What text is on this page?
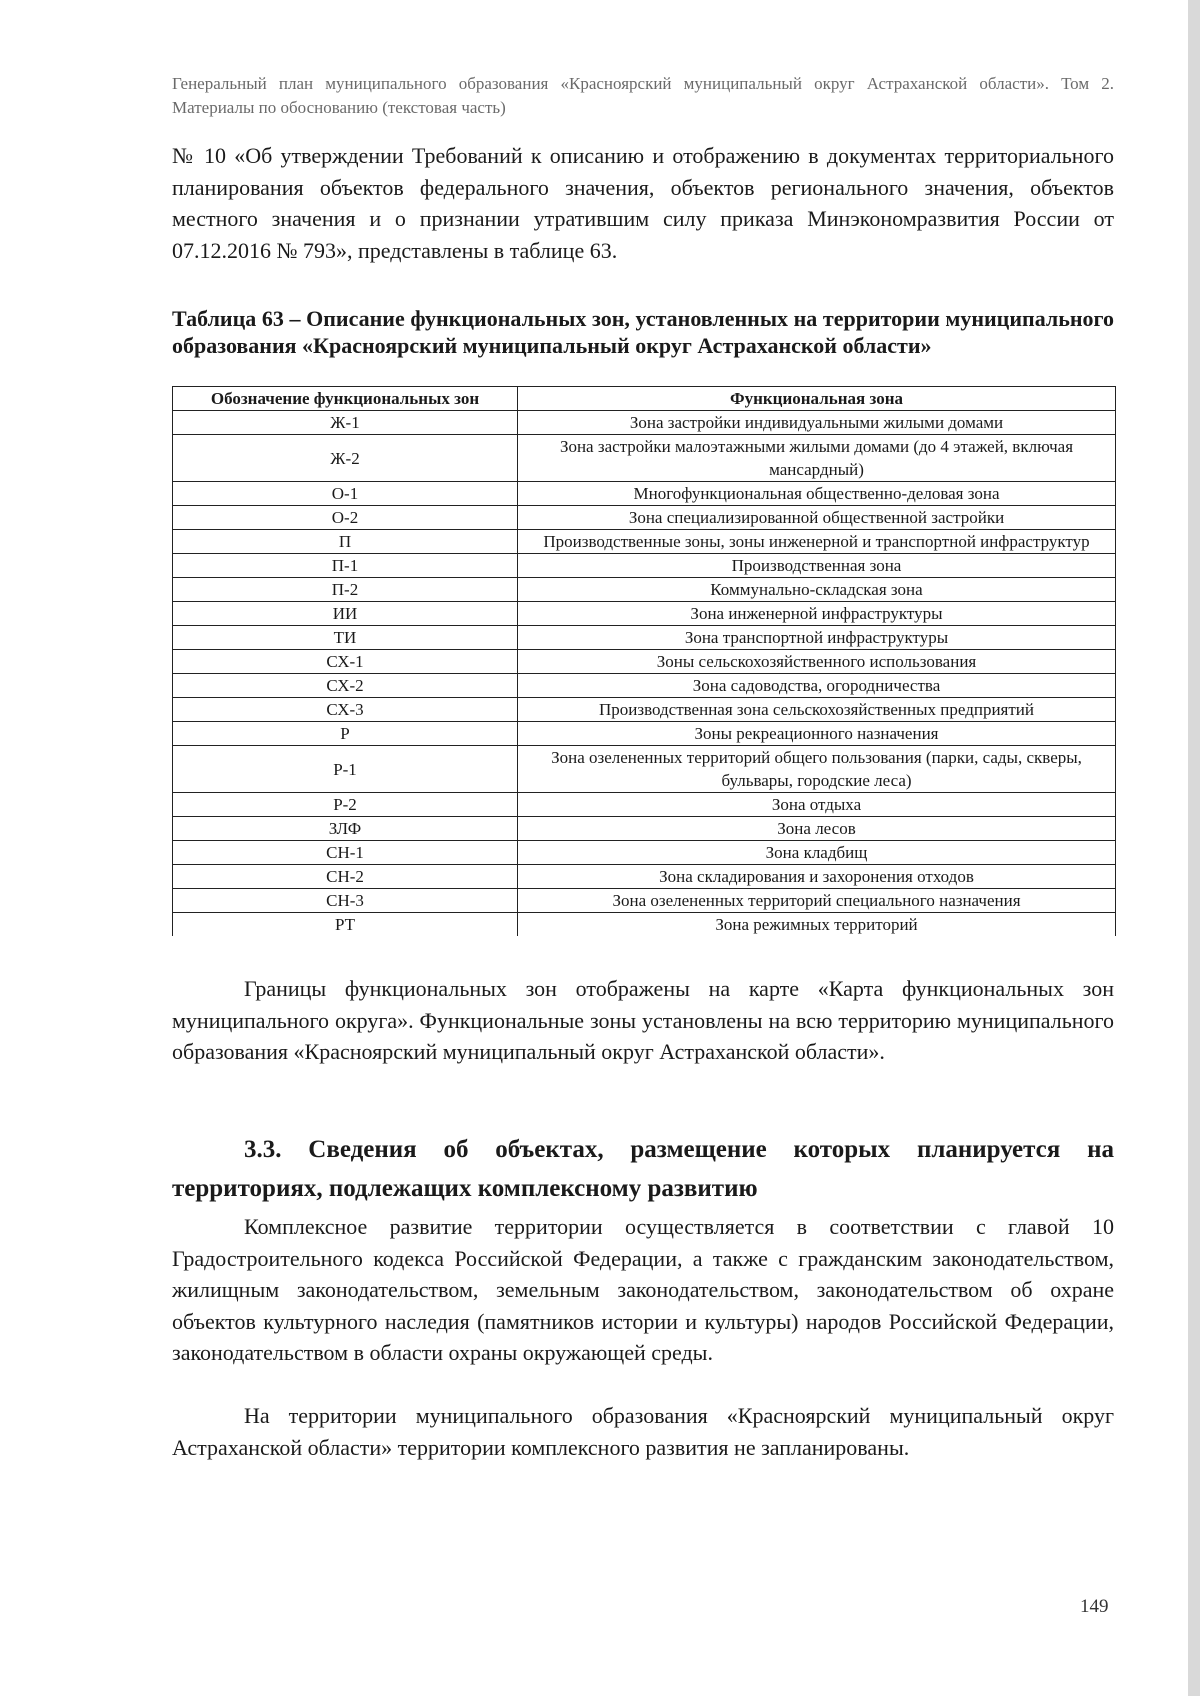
Генеральный план муниципального образования «Красноярский муниципальный округ Астраханской области». Том 2. Материалы по обоснованию (текстовая часть)

№ 10 «Об утверждении Требований к описанию и отображению в документах территориального планирования объектов федерального значения, объектов регионального значения, объектов местного значения и о признании утратившим силу приказа Минэкономразвития России от 07.12.2016 № 793», представлены в таблице 63.

Таблица 63 – Описание функциональных зон, установленных на территории муниципального образования «Красноярский муниципальный округ Астраханской области»
Обозначение функциональных зон	Функциональная зона
Ж-1	Зона застройки индивидуальными жилыми домами
Ж-2	Зона застройки малоэтажными жилыми домами (до 4 этажей, включая мансардный)
О-1	Многофункциональная общественно-деловая зона
О-2	Зона специализированной общественной застройки
П	Производственные зоны, зоны инженерной и транспортной инфраструктур
П-1	Производственная зона
П-2	Коммунально-складская зона
ИИ	Зона инженерной инфраструктуры
ТИ	Зона транспортной инфраструктуры
СХ-1	Зоны сельскохозяйственного использования
СХ-2	Зона садоводства, огородничества
СХ-3	Производственная зона сельскохозяйственных предприятий
Р	Зоны рекреационного назначения
Р-1	Зона озелененных территорий общего пользования (парки, сады, скверы, бульвары, городские леса)
Р-2	Зона отдыха
ЗЛФ	Зона лесов
СН-1	Зона кладбищ
СН-2	Зона складирования и захоронения отходов
СН-3	Зона озелененных территорий специального назначения
РТ	Зона режимных территорий

Границы функциональных зон отображены на карте «Карта функциональных зон муниципального округа». Функциональные зоны установлены на всю территорию муниципального образования «Красноярский муниципальный округ Астраханской области».

3.3. Сведения об объектах, размещение которых планируется на территориях, подлежащих комплексному развитию

Комплексное развитие территории осуществляется в соответствии с главой 10 Градостроительного кодекса Российской Федерации, а также с гражданским законодательством, жилищным законодательством, земельным законодательством, законодательством об охране объектов культурного наследия (памятников истории и культуры) народов Российской Федерации, законодательством в области охраны окружающей среды.

На территории муниципального образования «Красноярский муниципальный округ Астраханской области» территории комплексного развития не запланированы.

149
